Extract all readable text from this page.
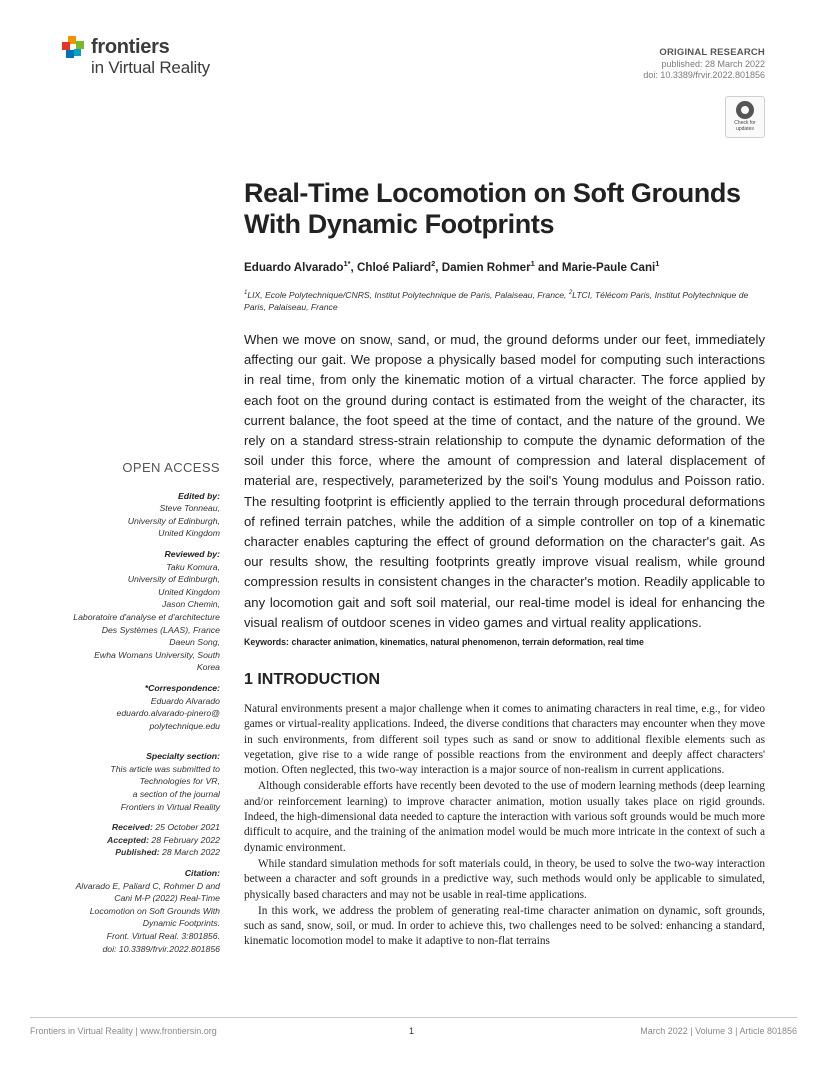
frontiers
in Virtual Reality
ORIGINAL RESEARCH
published: 28 March 2022
doi: 10.3389/frvir.2022.801856
Check for updates
Real-Time Locomotion on Soft Grounds With Dynamic Footprints
Eduardo Alvarado$^{1*}$, Chloé Paliard$^2$, Damien Rohmer$^1$ and Marie-Paule Cani$^1$
$^1$LIX, Ecole Polytechnique/CNRS, Institut Polytechnique de Paris, Palaiseau, France, $^2$LTCI, Télécom Paris, Institut Polytechnique de Paris, Palaiseau, France
When we move on snow, sand, or mud, the ground deforms under our feet, immediately affecting our gait. We propose a physically based model for computing such interactions in real time, from only the kinematic motion of a virtual character. The force applied by each foot on the ground during contact is estimated from the weight of the character, its current balance, the foot speed at the time of contact, and the nature of the ground. We rely on a standard stress-strain relationship to compute the dynamic deformation of the soil under this force, where the amount of compression and lateral displacement of material are, respectively, parameterized by the soil's Young modulus and Poisson ratio. The resulting footprint is efficiently applied to the terrain through procedural deformations of refined terrain patches, while the addition of a simple controller on top of a kinematic character enables capturing the effect of ground deformation on the character's gait. As our results show, the resulting footprints greatly improve visual realism, while ground compression results in consistent changes in the character's motion. Readily applicable to any locomotion gait and soft soil material, our real-time model is ideal for enhancing the visual realism of outdoor scenes in video games and virtual reality applications.
Keywords: character animation, kinematics, natural phenomenon, terrain deformation, real time
1 INTRODUCTION

Natural environments present a major challenge when it comes to animating characters in real time, e.g., for video games or virtual-reality applications. Indeed, the diverse conditions that characters may encounter when they move in such environments, from different soil types such as sand or snow to additional flexible elements such as vegetation, give rise to a wide range of possible reactions from the environment and deeply affect characters' motion. Often neglected, this two-way interaction is a major source of non-realism in current applications.

Although considerable efforts have recently been devoted to the use of modern learning methods (deep learning and/or reinforcement learning) to improve character animation, motion usually takes place on rigid grounds. Indeed, the high-dimensional data needed to capture the interaction with various soft grounds would be much more difficult to acquire, and the training of the animation model would be much more intricate in the context of such a dynamic environment.

While standard simulation methods for soft materials could, in theory, be used to solve the two-way interaction between a character and soft grounds in a predictive way, such methods would only be applicable to simulated, physically based characters and may not be usable in real-time applications.

In this work, we address the problem of generating real-time character animation on dynamic, soft grounds, such as sand, snow, soil, or mud. In order to achieve this, two challenges need to be solved: enhancing a standard, kinematic locomotion model to make it adaptive to non-flat terrains

OPEN ACCESS
Edited by:
Steve Tonneau,
University of Edinburgh,
United Kingdom
Reviewed by:
Taku Komura,
University of Edinburgh,
United Kingdom
Jason Chemin,
Laboratoire d'analyse et d'architecture
Des Systèmes (LAAS), France
Daeun Song,
Ewha Womans University, South
Korea
*Correspondence:
Eduardo Alvarado
eduardo.alvarado-pinero@
polytechnique.edu
Specialty section:
This article was submitted to
Technologies for VR,
a section of the journal
Frontiers in Virtual Reality
Received: 25 October 2021
Accepted: 28 February 2022
Published: 28 March 2022
Citation:
Alvarado E, Paliard C, Rohmer D and
Cani M-P (2022) Real-Time
Locomotion on Soft Grounds With
Dynamic Footprints.
Front. Virtual Real. 3:801856.
doi: 10.3389/frvir.2022.801856
Frontiers in Virtual Reality | www.frontiersin.org	1	March 2022 | Volume 3 | Article 801856
